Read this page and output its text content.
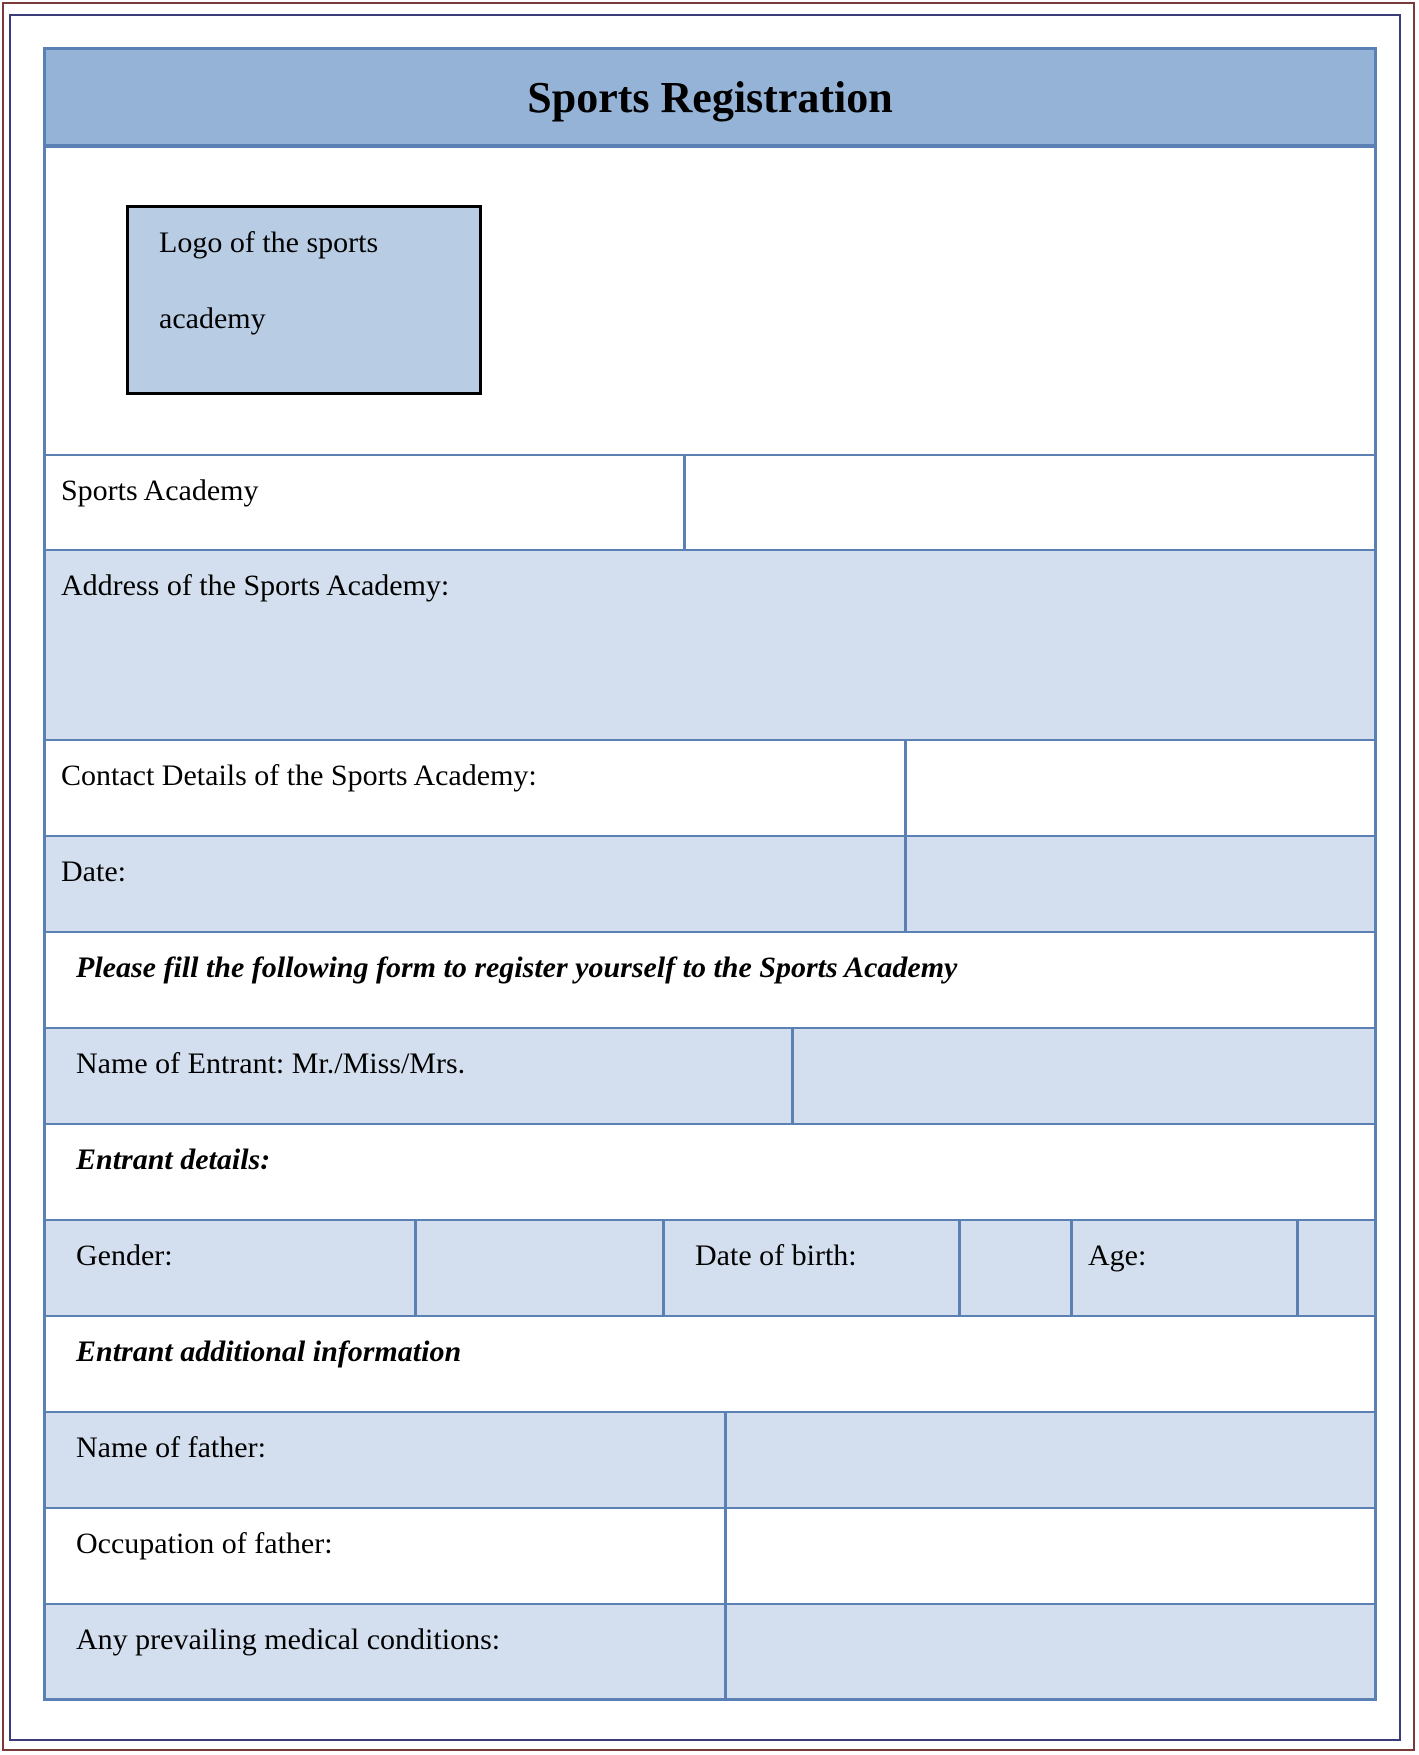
Sports Registration
Logo of the sports
academy
Sports Academy
Address of the Sports Academy:
Contact Details of the Sports Academy:
Date:
Please fill the following form to register yourself to the Sports Academy
Name of Entrant: Mr./Miss/Mrs.
Entrant details:
Gender:	Date of birth:	Age:
Entrant additional information
Name of father:
Occupation of father:
Any prevailing medical conditions:
